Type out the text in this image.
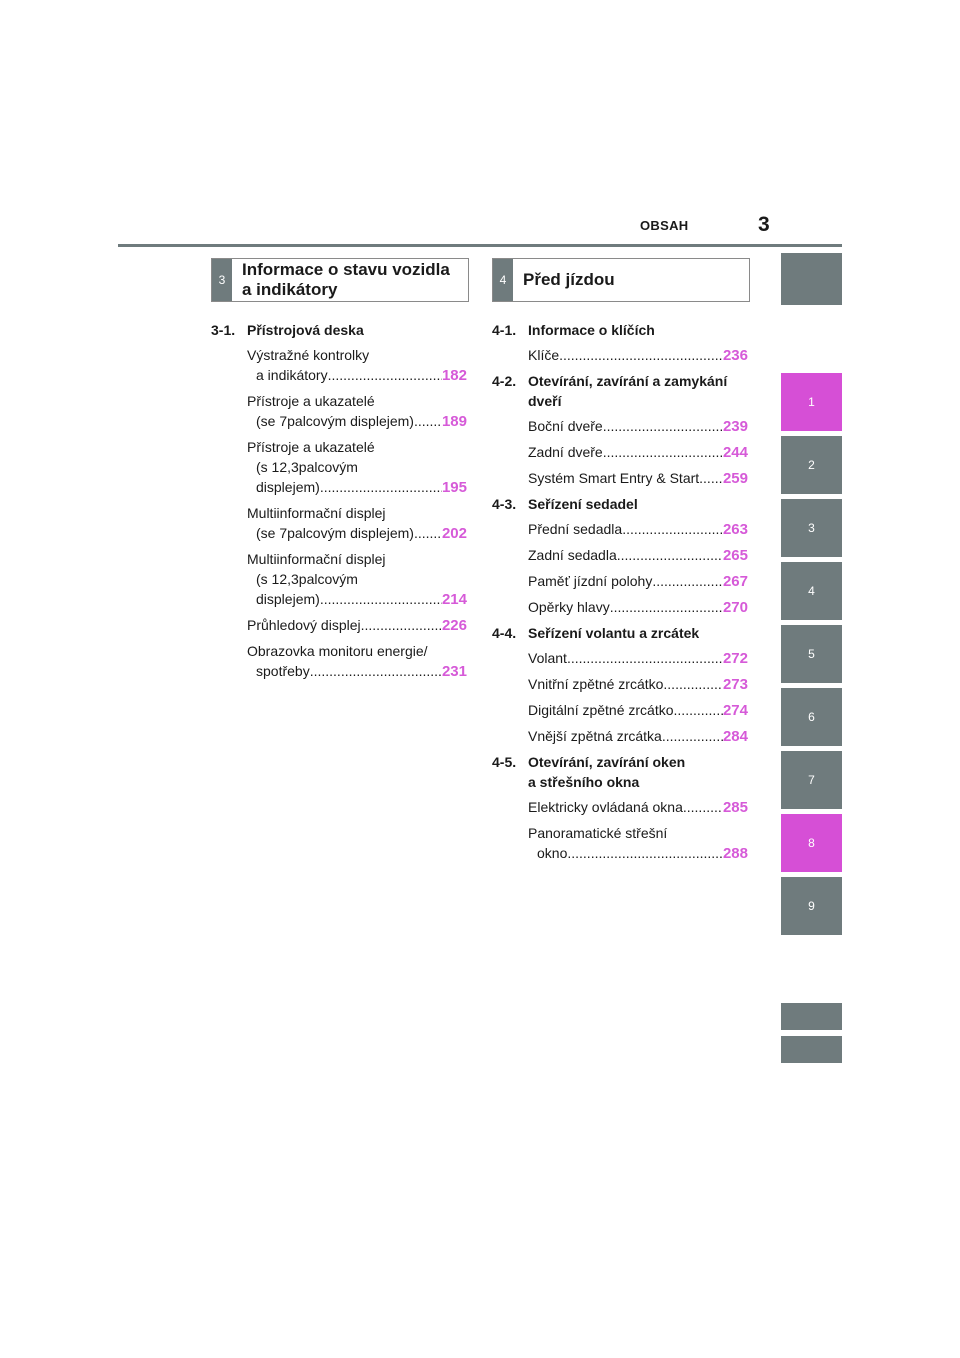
OBSAH	3
3
Informace o stavu vozidla
a indikátory	4 Před jízdou
3-1. Přístrojová deska
Výstražné kontrolky
a indikátory .....	182
Přístroje a ukazatelé
(se 7palcovým displejem) ..... 189
Přístroje a ukazatelé
(s 12,3palcovým
displejem) .....	195
Multiinformační displej
(se 7palcovým displejem) ..... 202
Multiinformační displej
(s 12,3palcovým
displejem) .....	214
Průhledový displej .....	226
Obrazovka monitoru energie/
spotřeby .....	231
4-1. Informace o klíčích
Klíče .....	236
4-2. Otevírání, zavírání a zamykání
dveří
Boční dveře .....	239
Zadní dveře .....	244
Systém Smart Entry & Start ..... 259
4-3. Seřízení sedadel
Přední sedadla .....	263
Zadní sedadla .....	265
Paměť jízdní polohy .....	267
Opěrky hlavy .....	270
4-4. Seřízení volantu a zrcátek
Volant .....	272
Vnitřní zpětné zrcátko .....	273
Digitální zpětné zrcátko .....	274
Vnější zpětná zrcátka .....	284
4-5. Otevírání, zavírání oken
a střešního okna
Elektricky ovládaná okna .....	285
Panoramatické střešní
okno .....	288
1
2
3
4
5
6
7
8
9
